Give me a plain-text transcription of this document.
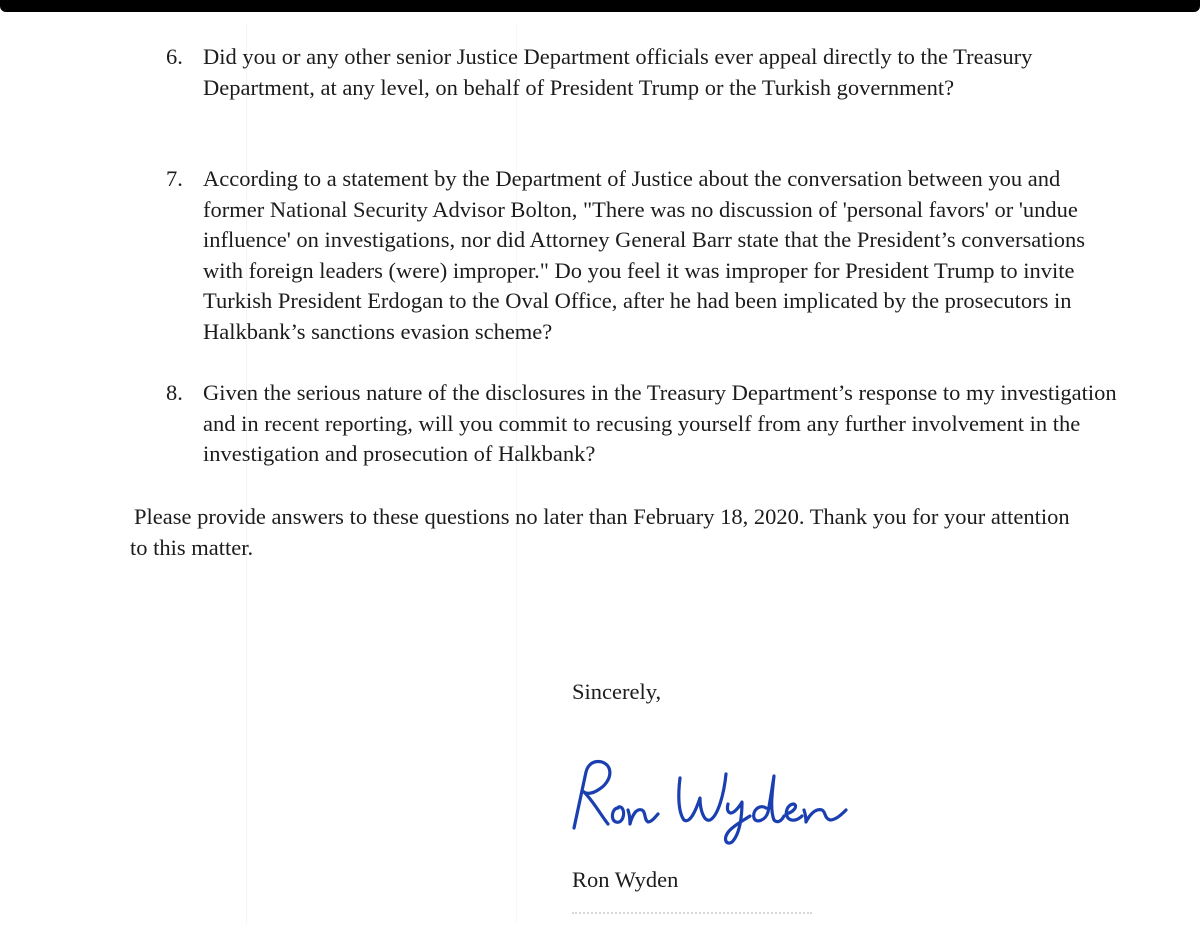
6. Did you or any other senior Justice Department officials ever appeal directly to the Treasury Department, at any level, on behalf of President Trump or the Turkish government?
7. According to a statement by the Department of Justice about the conversation between you and former National Security Advisor Bolton, "There was no discussion of 'personal favors' or 'undue influence' on investigations, nor did Attorney General Barr state that the President’s conversations with foreign leaders (were) improper." Do you feel it was improper for President Trump to invite Turkish President Erdogan to the Oval Office, after he had been implicated by the prosecutors in Halkbank’s sanctions evasion scheme?
8. Given the serious nature of the disclosures in the Treasury Department’s response to my investigation and in recent reporting, will you commit to recusing yourself from any further involvement in the investigation and prosecution of Halkbank?

Please provide answers to these questions no later than February 18, 2020. Thank you for your attention to this matter.

Sincerely,
Ron Wyden
